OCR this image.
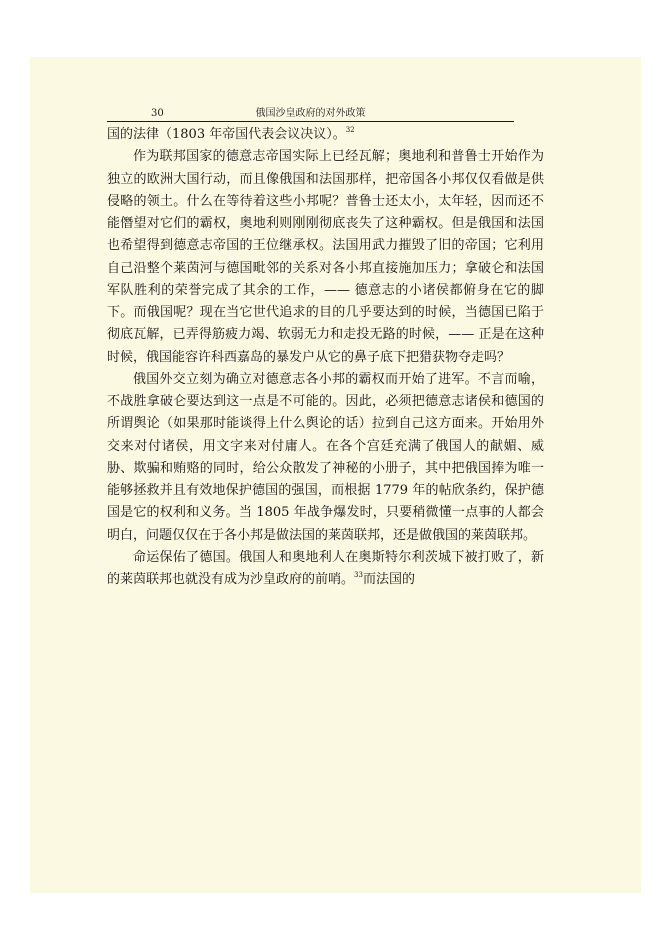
30	俄国沙皇政府的对外政策

国的法律（1803 年帝国代表会议决议）。$^{32}$

作为联邦国家的德意志帝国实际上已经瓦解；奥地利和普鲁士开始作为独立的欧洲大国行动，而且像俄国和法国那样，把帝国各小邦仅仅看做是供侵略的领土。什么在等待着这些小邦呢？普鲁士还太小，太年轻，因而还不能僭望对它们的霸权，奥地利则刚刚彻底丧失了这种霸权。但是俄国和法国也希望得到德意志帝国的王位继承权。法国用武力摧毁了旧的帝国；它利用自己沿整个莱茵河与德国毗邻的关系对各小邦直接施加压力；拿破仑和法国军队胜利的荣誉完成了其余的工作，—— 德意志的小诸侯都俯身在它的脚下。而俄国呢？现在当它世代追求的目的几乎要达到的时候，当德国已陷于彻底瓦解，已弄得筋疲力竭、软弱无力和走投无路的时候，—— 正是在这种时候，俄国能容许科西嘉岛的暴发户从它的鼻子底下把猎获物夺走吗？

俄国外交立刻为确立对德意志各小邦的霸权而开始了进军。不言而喻，不战胜拿破仑要达到这一点是不可能的。因此，必须把德意志诸侯和德国的所谓舆论（如果那时能谈得上什么舆论的话）拉到自己这方面来。开始用外交来对付诸侯，用文字来对付庸人。在各个宫廷充满了俄国人的献媚、威胁、欺骗和贿赂的同时，给公众散发了神秘的小册子，其中把俄国捧为唯一能够拯救并且有效地保护德国的强国，而根据 1779 年的帖欣条约，保护德国是它的权利和义务。当 1805 年战争爆发时，只要稍微懂一点事的人都会明白，问题仅仅在于各小邦是做法国的莱茵联邦，还是做俄国的莱茵联邦。

命运保佑了德国。俄国人和奥地利人在奥斯特尔利茨城下被打败了，新的莱茵联邦也就没有成为沙皇政府的前哨。$^{33}$而法国的
